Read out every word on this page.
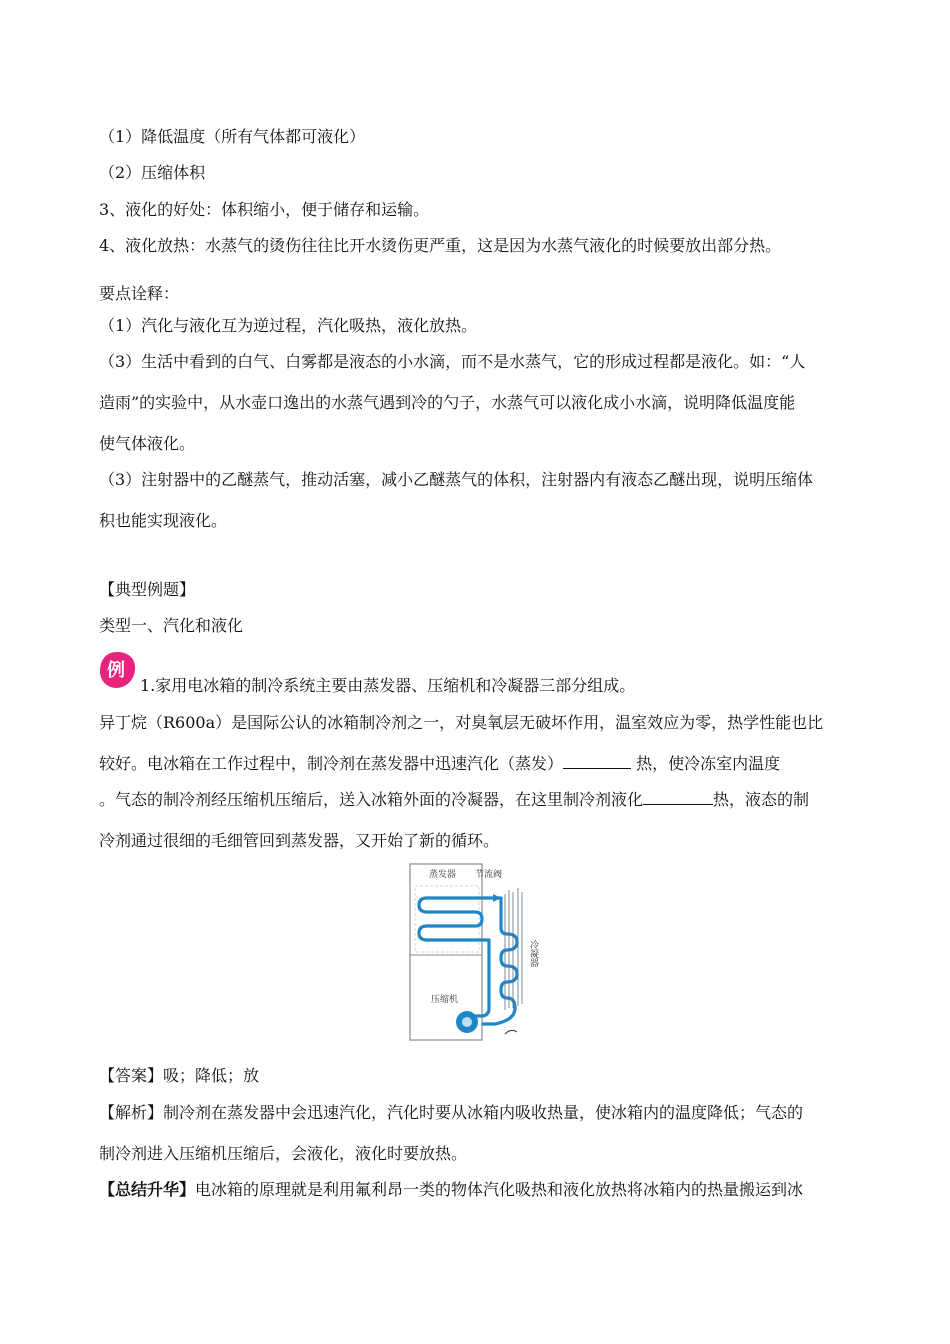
（1）降低温度（所有气体都可液化）
（2）压缩体积
3、液化的好处：体积缩小，便于储存和运输。
4、液化放热：水蒸气的烫伤往往比开水烫伤更严重，这是因为水蒸气液化的时候要放出部分热。
要点诠释：
（1）汽化与液化互为逆过程，汽化吸热，液化放热。
（3）生活中看到的白气、白雾都是液态的小水滴，而不是水蒸气，它的形成过程都是液化。如：“人
造雨”的实验中，从水壶口逸出的水蒸气遇到冷的勺子，水蒸气可以液化成小水滴，说明降低温度能
使气体液化。
（3）注射器中的乙醚蒸气，推动活塞，减小乙醚蒸气的体积，注射器内有液态乙醚出现，说明压缩体
积也能实现液化。
【典型例题】
类型一、汽化和液化
例
1.家用电冰箱的制冷系统主要由蒸发器、压缩机和冷凝器三部分组成。
异丁烷（R600a）是国际公认的冰箱制冷剂之一，对臭氧层无破坏作用，温室效应为零，热学性能也比
较好。电冰箱在工作过程中，制冷剂在蒸发器中迅速汽化（蒸发）	热，使冷冻室内温度
。气态的制冷剂经压缩机压缩后，送入冰箱外面的冷凝器，在这里制冷剂液化	热，液态的制
冷剂通过很细的毛细管回到蒸发器，又开始了新的循环。
蒸发器 节流阀
压缩机
冷凝器
【答案】吸；降低；放
【解析】制冷剂在蒸发器中会迅速汽化，汽化时要从冰箱内吸收热量，使冰箱内的温度降低；气态的
制冷剂进入压缩机压缩后，会液化，液化时要放热。
【总结升华】电冰箱的原理就是利用氟利昂一类的物体汽化吸热和液化放热将冰箱内的热量搬运到冰
